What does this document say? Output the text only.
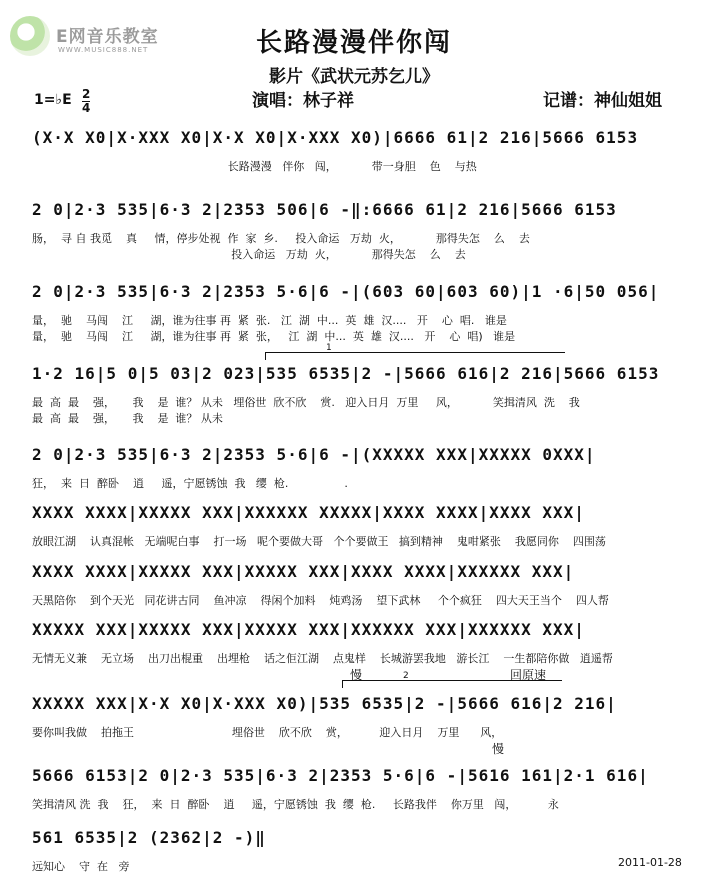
E网音乐教室
WWW.MUSIC888.NET	长路漫漫伴你闯
影片《武状元苏乞儿》
1=♭E 2
4	演唱：林子祥	记谱：神仙姐姐
(X·X X0|X·XXX X0|X·X X0|X·XXX X0)|6666 61|2 216|5666 6153
长路漫漫   伴你   闯，          带一身胆    色    与热
2 0|2·3 535|6·3 2|2353 506|6 -‖:6666 61|2 216|5666 6153
肠，  寻 自 我觅    真     情，停步处视  作  家  乡.     投入命运   万劫  火，          那得失怎    么    去
投入命运   万劫  火，          那得失怎    么    去
2 0|2·3 535|6·3 2|2353 5·6|6 -|(603 60|603 60)|1 ·6|50 056|
量，  驰    马闯    江     湖，谁为往事 再  紧  张.   江  湖  中...  英  雄  汉....   开    心  唱.   谁是
量，  驰    马闯    江     湖，谁为往事 再  紧  张，   江  湖  中...  英  雄  汉....   开    心  唱)   谁是
1·2 16|5 0|5 03|2 023|535 6535|2 -|5666 616|2 216|5666 6153
最  高  最    强，     我    是  谁？ 从未   埋俗世  欣不欣    赏.   迎入日月  万里     风，          笑揖清风  洗    我
最  高  最    强，     我    是  谁？ 从未
2 0|2·3 535|6·3 2|2353 5·6|6 -|(XXXXX XXX|XXXXX 0XXX|
狂，  来  日  醉卧    逍     遥，宁愿锈蚀  我   缨  枪.                .
XXXX XXXX|XXXXX XXX|XXXXXX XXXXX|XXXX XXXX|XXXX XXX|
放眼江湖    认真混帐   无端呢白事    打一场   呢个要做大哥   个个要做王   搞到精神    鬼咁紧张    我愿同你    四围荡
XXXX XXXX|XXXXX XXX|XXXXX XXX|XXXX XXXX|XXXXXX XXX|
天黑陪你    到个天光   同花讲古同    鱼冲凉    得闲个加料    炖鸡汤    望下武林     个个疯狂    四大天王当个    四人帮
XXXXX XXX|XXXXX XXX|XXXXX XXX|XXXXXX XXX|XXXXXX XXX|
无情无义兼    无立场    出刀出棍重    出埋枪    话之佢江湖    点鬼样    长城游罢我地   游长江    一生都陪你做   逍遥帮
XXXXX XXX|X·X X0|X·XXX X0)|535 6535|2 -|5666 616|2 216|
要你叫我做    拍拖王                            埋俗世    欣不欣    赏，         迎入日月    万里      风，
5666 6153|2 0|2·3 535|6·3 2|2353 5·6|6 -|5616 161|2·1 616|
笑揖清风 洗  我    狂，  来  日  醉卧    逍     遥，宁愿锈蚀  我  缨  枪.     长路我伴    你万里   闯，         永
561 6535|2 (2362|2 -)‖
远知心    守  在   旁
1
2
慢	回原速
慢
2011-01-28
